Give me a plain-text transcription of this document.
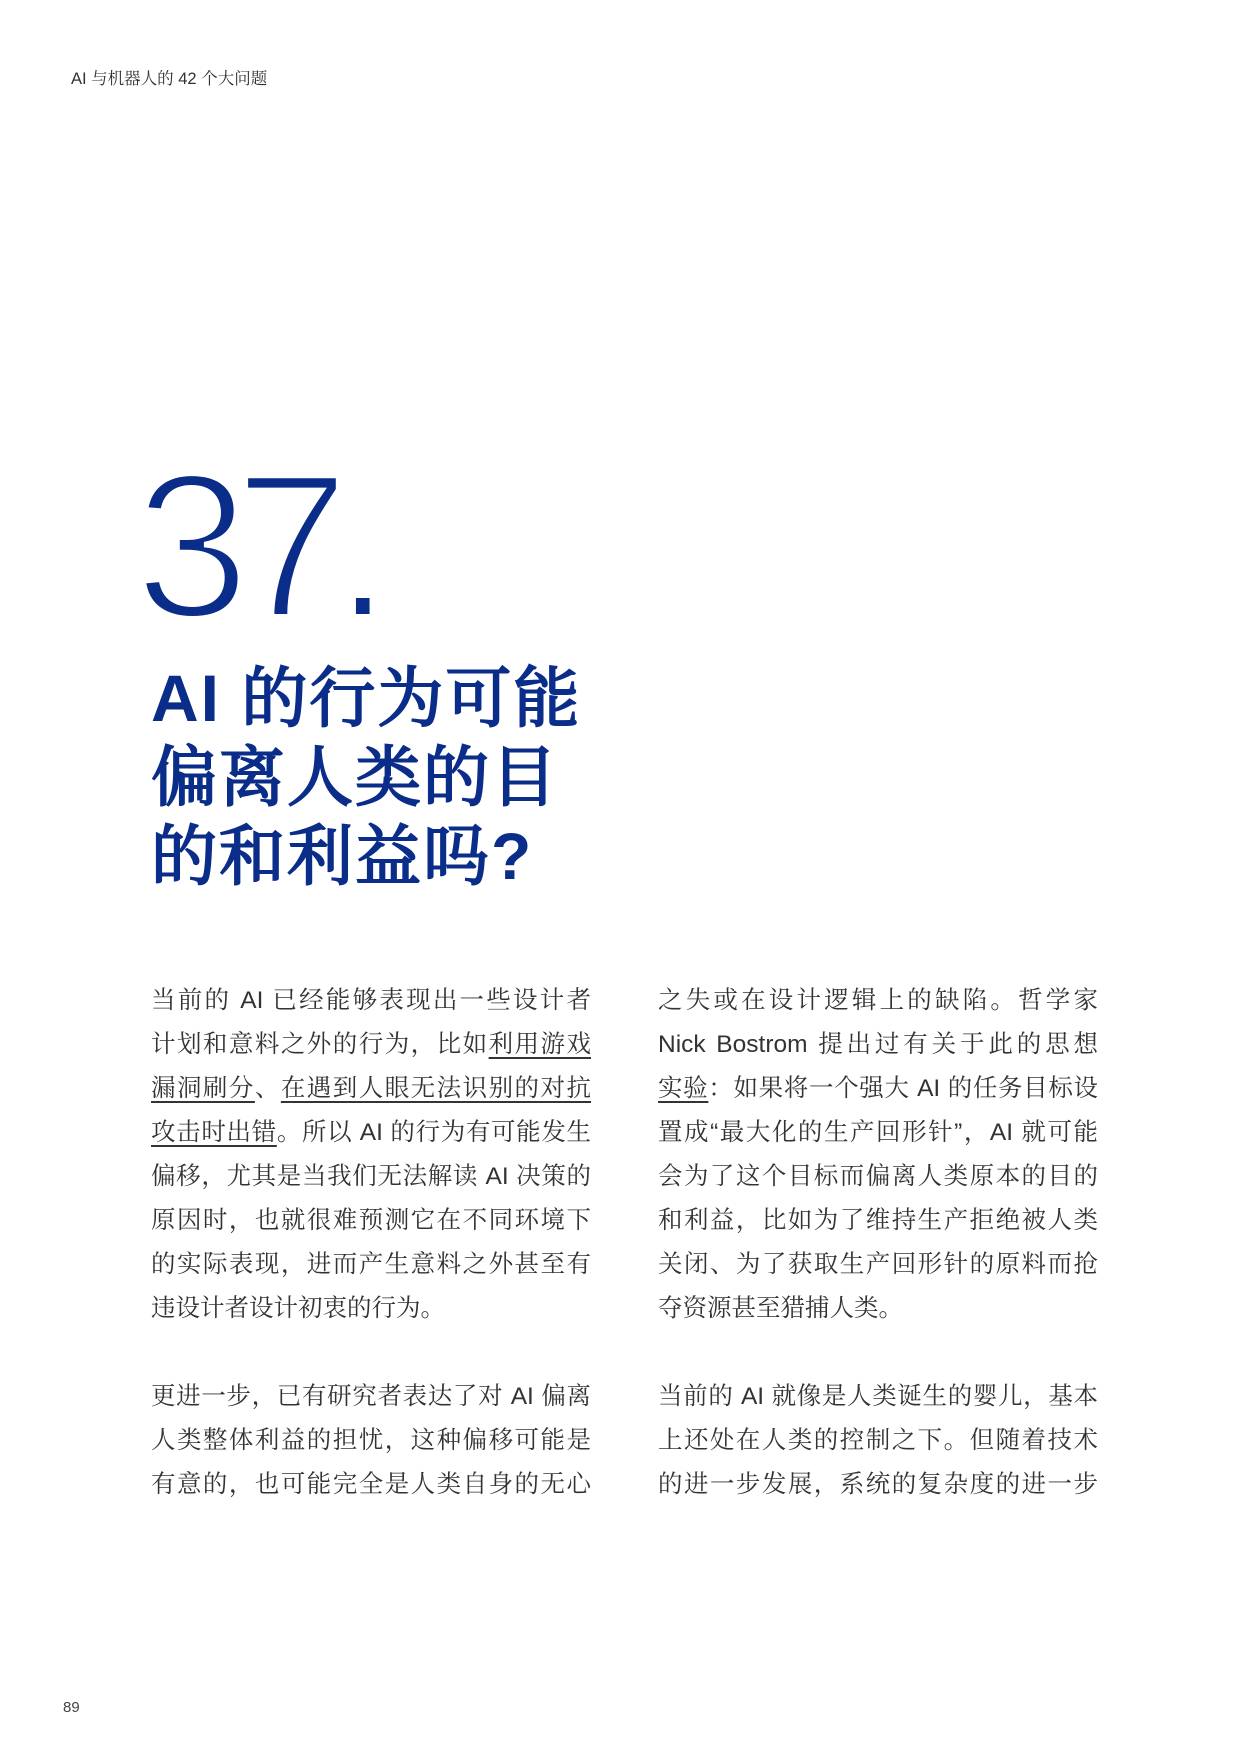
AI 与机器人的 42 个大问题
37.
AI 的行为可能
偏离人类的目
的和利益吗?
当前的 AI 已经能够表现出一些设计者
计划和意料之外的行为，比如利用游戏
漏洞刷分、在遇到人眼无法识别的对抗
攻击时出错。所以 AI 的行为有可能发生
偏移，尤其是当我们无法解读 AI 决策的
原因时，也就很难预测它在不同环境下
的实际表现，进而产生意料之外甚至有
违设计者设计初衷的行为。
更进一步，已有研究者表达了对 AI 偏离
人类整体利益的担忧，这种偏移可能是
有意的，也可能完全是人类自身的无心
之失或在设计逻辑上的缺陷。哲学家
Nick Bostrom 提出过有关于此的思想
实验：如果将一个强大 AI 的任务目标设
置成“最大化的生产回形针”，AI 就可能
会为了这个目标而偏离人类原本的目的
和利益，比如为了维持生产拒绝被人类
关闭、为了获取生产回形针的原料而抢
夺资源甚至猎捕人类。
当前的 AI 就像是人类诞生的婴儿，基本
上还处在人类的控制之下。但随着技术
的进一步发展，系统的复杂度的进一步
89
